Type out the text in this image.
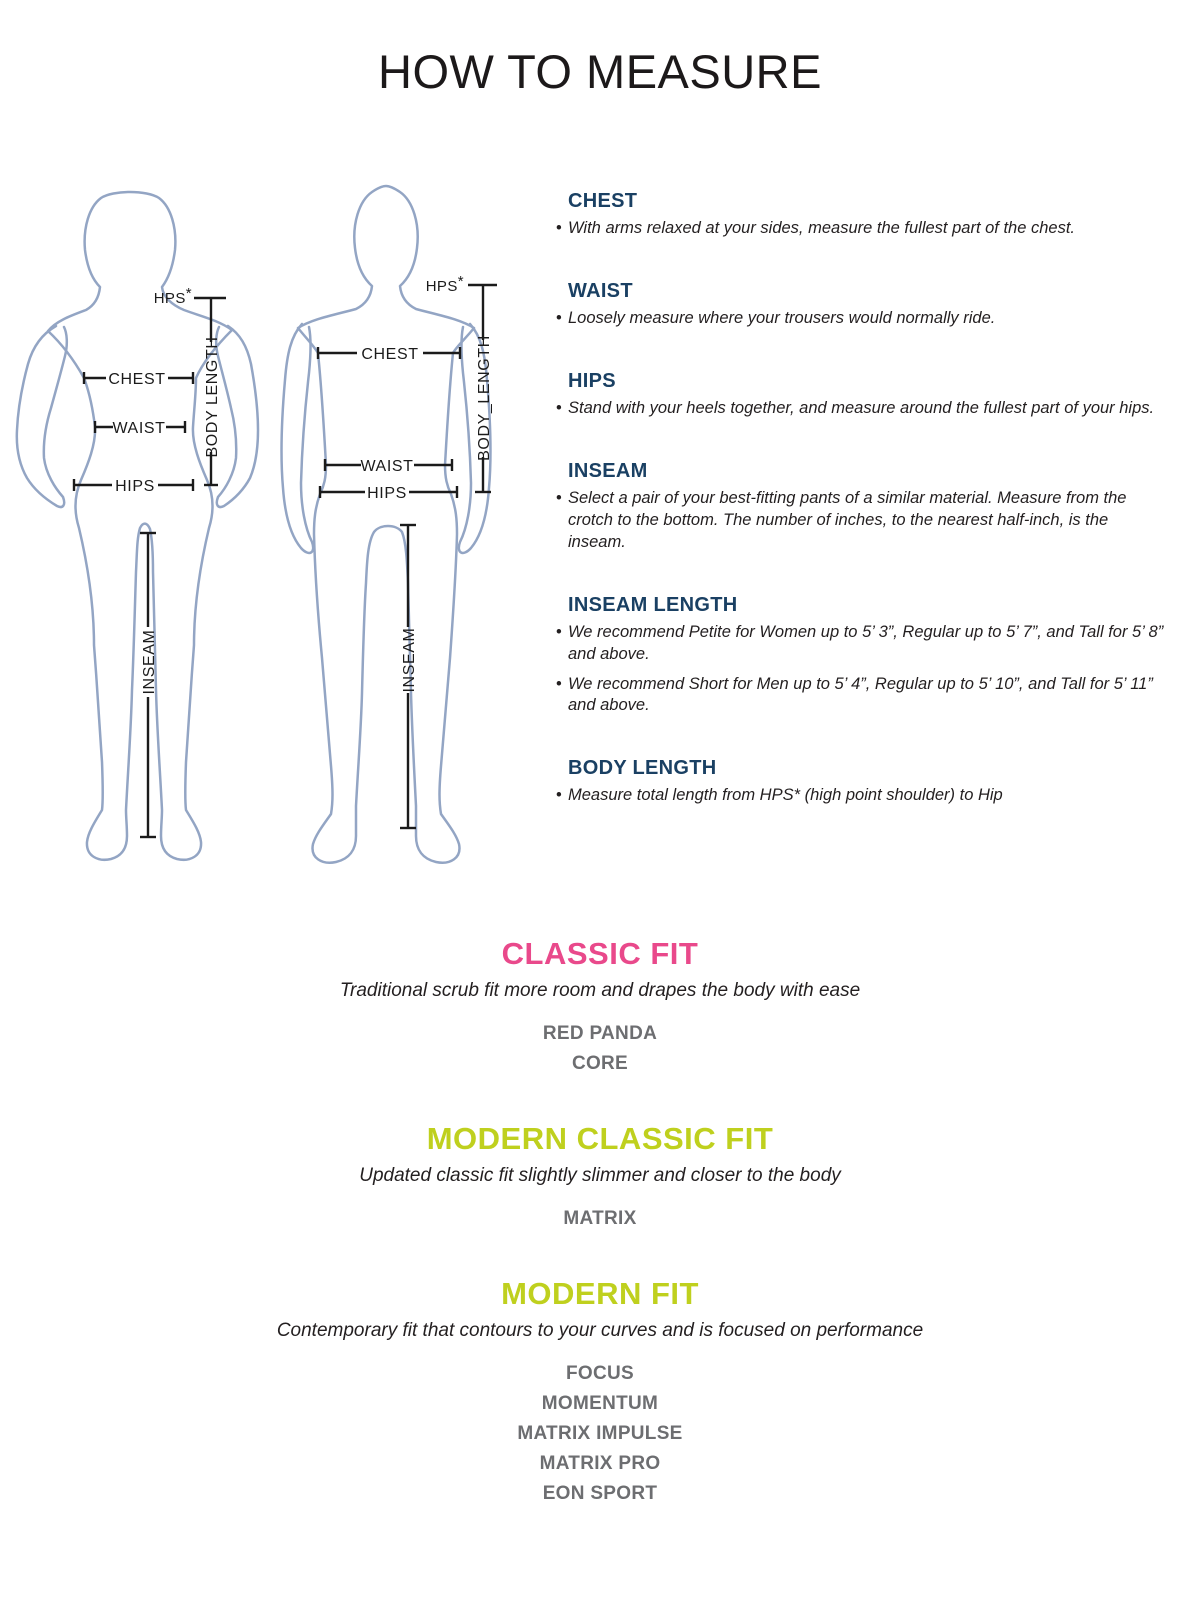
HOW TO MEASURE
HPS*
BODY LENGTH
CHEST
WAIST
HIPS
INSEAM
HPS*
BODY_LENGTH
CHEST
WAIST
HIPS
INSEAM
CHEST
• With arms relaxed at your sides, measure the fullest part of the chest.
WAIST
• Loosely measure where your trousers would normally ride.
HIPS
• Stand with your heels together, and measure around the fullest part of your hips.
INSEAM
• Select a pair of your best-fitting pants of a similar material. Measure from the crotch to the bottom. The number of inches, to the nearest half-inch, is the inseam.
INSEAM LENGTH
• We recommend Petite for Women up to 5’ 3”, Regular up to 5’ 7”, and Tall for 5’ 8” and above.
• We recommend Short for Men up to 5’ 4”, Regular up to 5’ 10”, and Tall for 5’ 11” and above.
BODY LENGTH
• Measure total length from HPS* (high point shoulder) to Hip
CLASSIC FIT
Traditional scrub fit more room and drapes the body with ease
RED PANDA
CORE
MODERN CLASSIC FIT
Updated classic fit slightly slimmer and closer to the body
MATRIX
MODERN FIT
Contemporary fit that contours to your curves and is focused on performance
FOCUS
MOMENTUM
MATRIX IMPULSE
MATRIX PRO
EON SPORT
